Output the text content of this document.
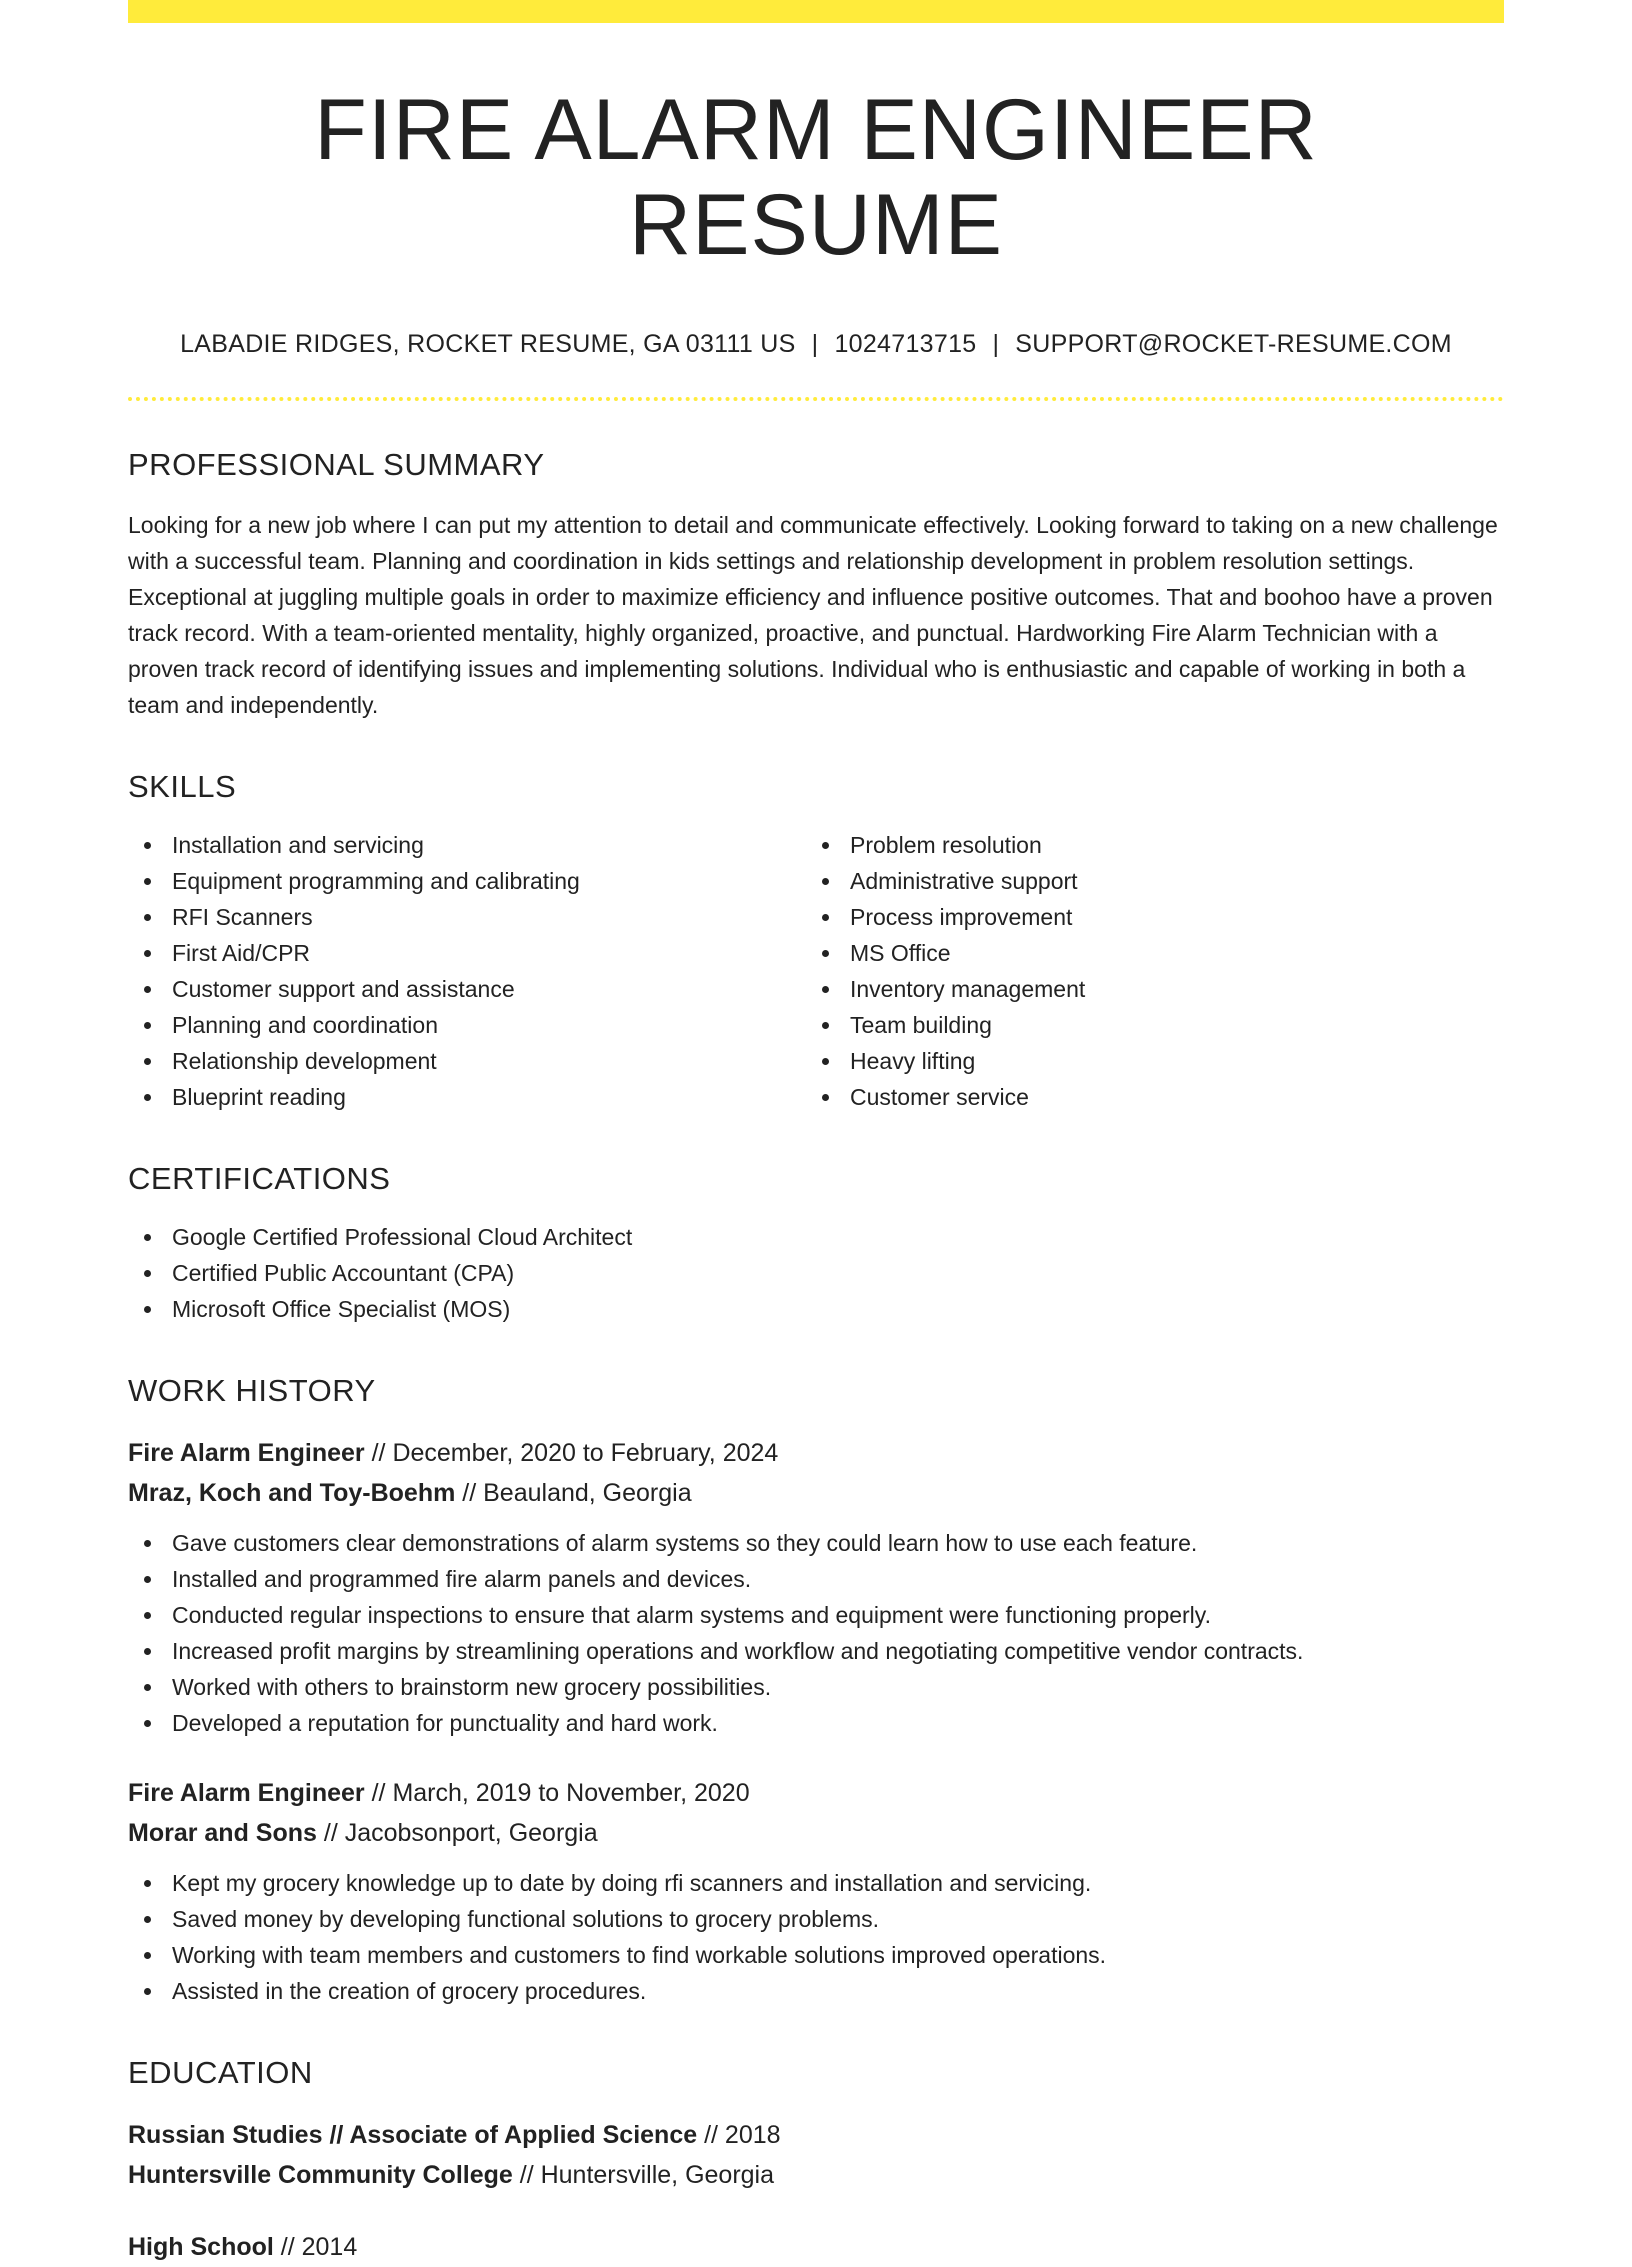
FIRE ALARM ENGINEER RESUME
LABADIE RIDGES, ROCKET RESUME, GA 03111 US | 1024713715 | SUPPORT@ROCKET-RESUME.COM
PROFESSIONAL SUMMARY

Looking for a new job where I can put my attention to detail and communicate effectively. Looking forward to taking on a new challenge with a successful team. Planning and coordination in kids settings and relationship development in problem resolution settings. Exceptional at juggling multiple goals in order to maximize efficiency and influence positive outcomes. That and boohoo have a proven track record. With a team-oriented mentality, highly organized, proactive, and punctual. Hardworking Fire Alarm Technician with a proven track record of identifying issues and implementing solutions. Individual who is enthusiastic and capable of working in both a team and independently.

SKILLS
Installation and servicing
Equipment programming and calibrating
RFI Scanners
First Aid/CPR
Customer support and assistance
Planning and coordination
Relationship development
Blueprint reading
Problem resolution
Administrative support
Process improvement
MS Office
Inventory management
Team building
Heavy lifting
Customer service
CERTIFICATIONS
Google Certified Professional Cloud Architect
Certified Public Accountant (CPA)
Microsoft Office Specialist (MOS)
WORK HISTORY
Fire Alarm Engineer // December, 2020 to February, 2024
Mraz, Koch and Toy-Boehm // Beauland, Georgia
Gave customers clear demonstrations of alarm systems so they could learn how to use each feature.
Installed and programmed fire alarm panels and devices.
Conducted regular inspections to ensure that alarm systems and equipment were functioning properly.
Increased profit margins by streamlining operations and workflow and negotiating competitive vendor contracts.
Worked with others to brainstorm new grocery possibilities.
Developed a reputation for punctuality and hard work.
Fire Alarm Engineer // March, 2019 to November, 2020
Morar and Sons // Jacobsonport, Georgia
Kept my grocery knowledge up to date by doing rfi scanners and installation and servicing.
Saved money by developing functional solutions to grocery problems.
Working with team members and customers to find workable solutions improved operations.
Assisted in the creation of grocery procedures.
EDUCATION
Russian Studies // Associate of Applied Science // 2018
Huntersville Community College // Huntersville, Georgia
High School // 2014
